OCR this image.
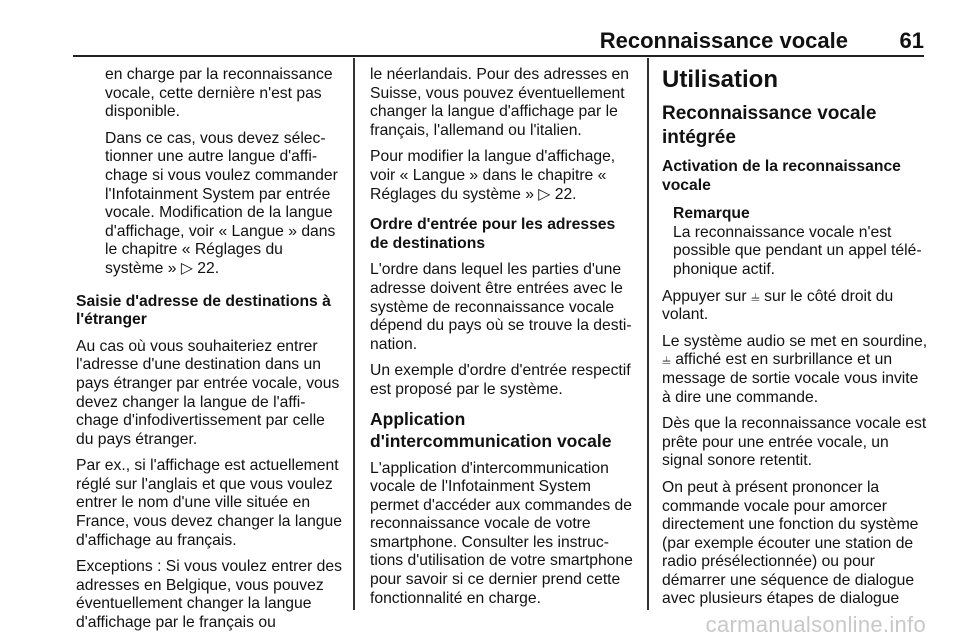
Reconnaissance vocale 61

en charge par la reconnaissance vocale, cette dernière n'est pas disponible.

Dans ce cas, vous devez sélectionner une autre langue d'affichage si vous voulez commander l'Infotainment System par entrée vocale. Modification de la langue d'affichage, voir « Langue » dans le chapitre « Réglages du système » ▷ 22.

Saisie d'adresse de destinations à l'étranger

Au cas où vous souhaiteriez entrer l'adresse d'une destination dans un pays étranger par entrée vocale, vous devez changer la langue de l'affichage d'infodivertissement par celle du pays étranger.

Par ex., si l'affichage est actuellement réglé sur l'anglais et que vous voulez entrer le nom d'une ville située en France, vous devez changer la langue d'affichage au français.

Exceptions : Si vous voulez entrer des adresses en Belgique, vous pouvez éventuellement changer la langue d'affichage par le français ou

le néerlandais. Pour des adresses en Suisse, vous pouvez éventuellement changer la langue d'affichage par le français, l'allemand ou l'italien.

Pour modifier la langue d'affichage, voir « Langue » dans le chapitre « Réglages du système » ▷ 22.

Ordre d'entrée pour les adresses de destinations

L'ordre dans lequel les parties d'une adresse doivent être entrées avec le système de reconnaissance vocale dépend du pays où se trouve la destination.

Un exemple d'ordre d'entrée respectif est proposé par le système.

Application d'intercommunication vocale

L'application d'intercommunication vocale de l'Infotainment System permet d'accéder aux commandes de reconnaissance vocale de votre smartphone. Consulter les instructions d'utilisation de votre smartphone pour savoir si ce dernier prend cette fonctionnalité en charge.

Utilisation

Reconnaissance vocale intégrée

Activation de la reconnaissance vocale

Remarque
La reconnaissance vocale n'est possible que pendant un appel téléphonique actif.

Appuyer sur ⫨ sur le côté droit du volant.

Le système audio se met en sourdine, ⫨ affiché est en surbrillance et un message de sortie vocale vous invite à dire une commande.

Dès que la reconnaissance vocale est prête pour une entrée vocale, un signal sonore retentit.

On peut à présent prononcer la commande vocale pour amorcer directement une fonction du système (par exemple écouter une station de radio présélectionnée) ou pour démarrer une séquence de dialogue avec plusieurs étapes de dialogue

carmanualsonline.info
